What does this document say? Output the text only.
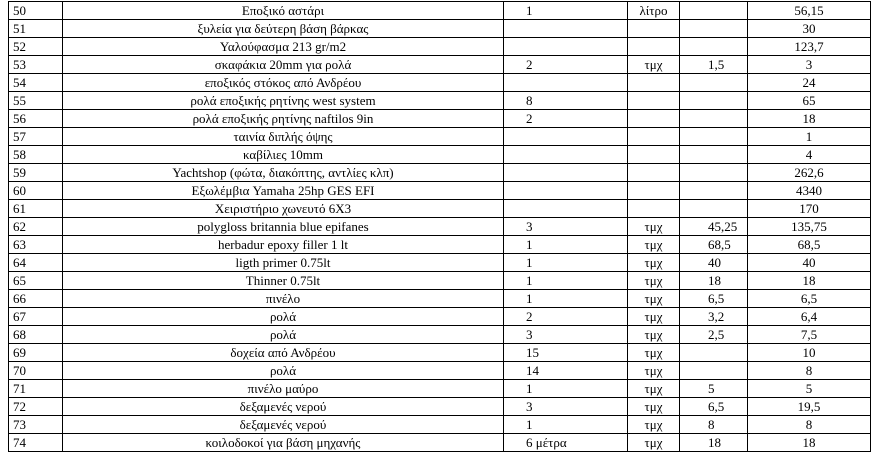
50	Εποξικό αστάρι	1	λίτρο		56,15
51	ξυλεία για δεύτερη βάση βάρκας				30
52	Υαλούφασμα 213 gr/m2				123,7
53	σκαφάκια 20mm για ρολά	2	τμχ	1,5	3
54	εποξικός στόκος από Ανδρέου				24
55	ρολά εποξικής ρητίνης west system	8			65
56	ρολά εποξικής ρητίνης naftilos 9in	2			18
57	ταινία διπλής όψης				1
58	καβίλιες 10mm				4
59	Yachtshop (φώτα, διακόπτης, αντλίες κλπ)				262,6
60	Εξωλέμβια Yamaha 25hp GES EFI				4340
61	Χειριστήριο χωνευτό 6Χ3				170
62	polygloss britannia blue epifanes	3	τμχ	45,25	135,75
63	herbadur epoxy filler 1 lt	1	τμχ	68,5	68,5
64	ligth primer 0.75lt	1	τμχ	40	40
65	Thinner 0.75lt	1	τμχ	18	18
66	πινέλο	1	τμχ	6,5	6,5
67	ρολά	2	τμχ	3,2	6,4
68	ρολά	3	τμχ	2,5	7,5
69	δοχεία από Ανδρέου	15	τμχ		10
70	ρολά	14	τμχ		8
71	πινέλο μαύρο	1	τμχ	5	5
72	δεξαμενές νερού	3	τμχ	6,5	19,5
73	δεξαμενές νερού	1	τμχ	8	8
74	κοιλοδοκοί για βάση μηχανής	6 μέτρα	τμχ	18	18
